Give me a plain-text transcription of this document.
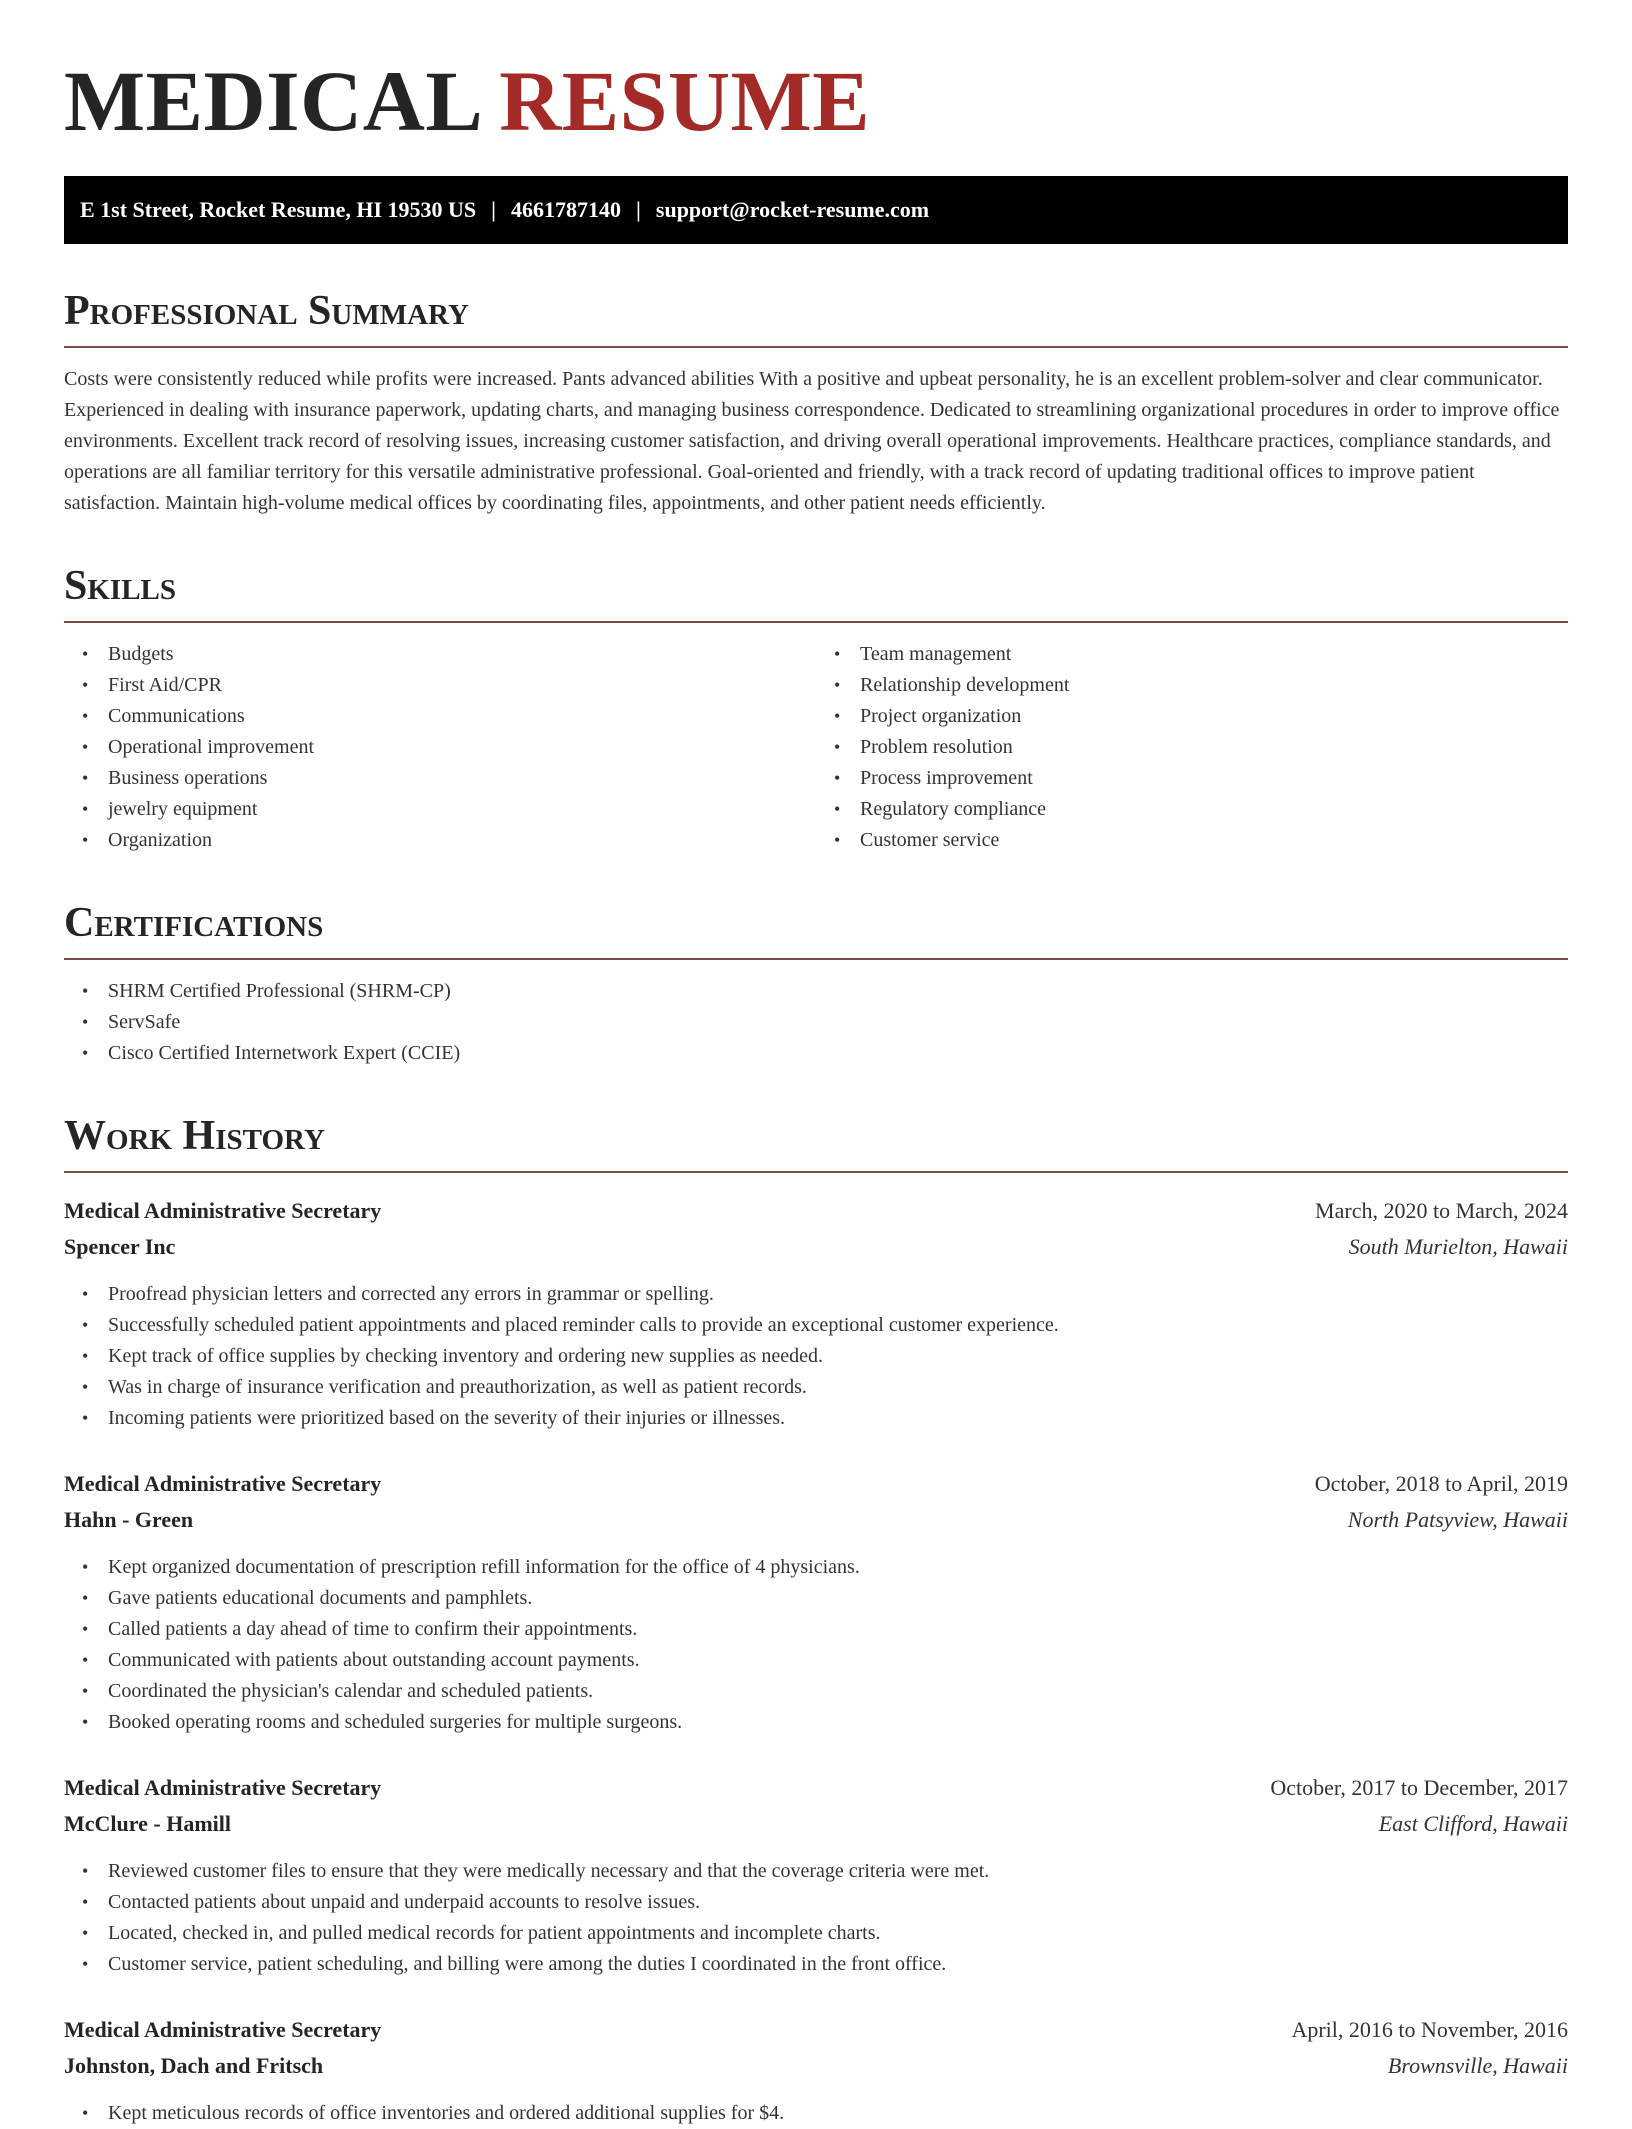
MEDICAL RESUME
E 1st Street, Rocket Resume, HI 19530 US | 4661787140 | support@rocket-resume.com
Professional Summary

Costs were consistently reduced while profits were increased. Pants advanced abilities With a positive and upbeat personality, he is an excellent problem-solver and clear communicator. Experienced in dealing with insurance paperwork, updating charts, and managing business correspondence. Dedicated to streamlining organizational procedures in order to improve office environments. Excellent track record of resolving issues, increasing customer satisfaction, and driving overall operational improvements. Healthcare practices, compliance standards, and operations are all familiar territory for this versatile administrative professional. Goal-oriented and friendly, with a track record of updating traditional offices to improve patient satisfaction. Maintain high-volume medical offices by coordinating files, appointments, and other patient needs efficiently.

Skills
• Budgets
• First Aid/CPR
• Communications
• Operational improvement
• Business operations
• jewelry equipment
• Organization
• Team management
• Relationship development
• Project organization
• Problem resolution
• Process improvement
• Regulatory compliance
• Customer service
Certifications
• SHRM Certified Professional (SHRM-CP)
• ServSafe
• Cisco Certified Internetwork Expert (CCIE)
Work History
Medical Administrative Secretary	March, 2020 to March, 2024
Spencer Inc	South Murielton, Hawaii
• Proofread physician letters and corrected any errors in grammar or spelling.
• Successfully scheduled patient appointments and placed reminder calls to provide an exceptional customer experience.
• Kept track of office supplies by checking inventory and ordering new supplies as needed.
• Was in charge of insurance verification and preauthorization, as well as patient records.
• Incoming patients were prioritized based on the severity of their injuries or illnesses.
Medical Administrative Secretary	October, 2018 to April, 2019
Hahn - Green	North Patsyview, Hawaii
• Kept organized documentation of prescription refill information for the office of 4 physicians.
• Gave patients educational documents and pamphlets.
• Called patients a day ahead of time to confirm their appointments.
• Communicated with patients about outstanding account payments.
• Coordinated the physician's calendar and scheduled patients.
• Booked operating rooms and scheduled surgeries for multiple surgeons.
Medical Administrative Secretary	October, 2017 to December, 2017
McClure - Hamill	East Clifford, Hawaii
• Reviewed customer files to ensure that they were medically necessary and that the coverage criteria were met.
• Contacted patients about unpaid and underpaid accounts to resolve issues.
• Located, checked in, and pulled medical records for patient appointments and incomplete charts.
• Customer service, patient scheduling, and billing were among the duties I coordinated in the front office.
Medical Administrative Secretary	April, 2016 to November, 2016
Johnston, Dach and Fritsch	Brownsville, Hawaii
• Kept meticulous records of office inventories and ordered additional supplies for $4.
